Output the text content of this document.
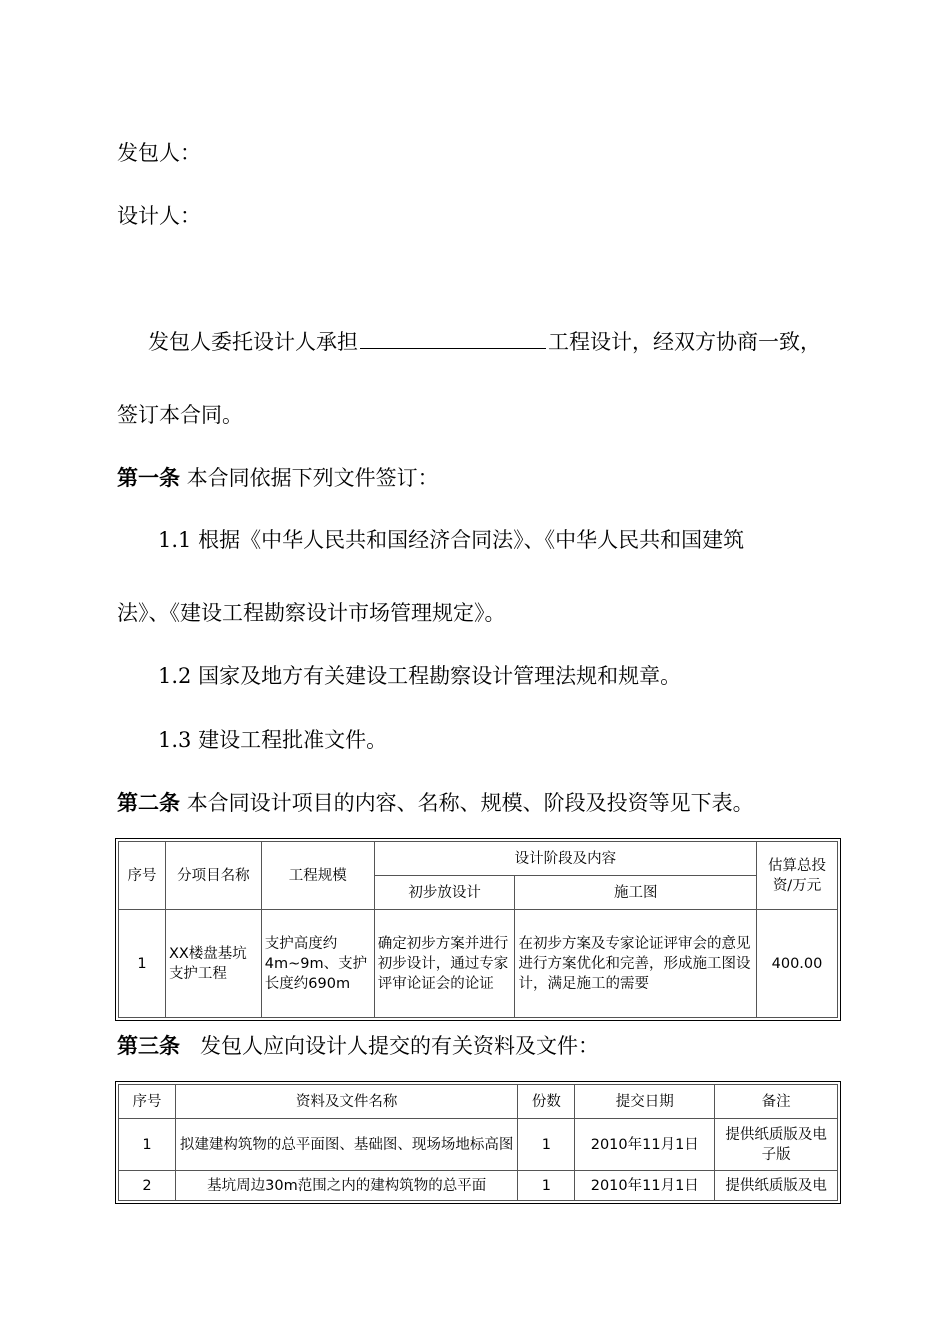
发包人：
设计人：
发包人委托设计人承担	工程设计，经双方协商一致，
签订本合同。
第一条 本合同依据下列文件签订：
1.1 根据《中华人民共和国经济合同法》、《中华人民共和国建筑
法》、《建设工程勘察设计市场管理规定》。
1.2 国家及地方有关建设工程勘察设计管理法规和规章。
1.3 建设工程批准文件。
第二条 本合同设计项目的内容、名称、规模、阶段及投资等见下表。
序号	分项目名称	工程规模	设计阶段及内容		估算总投资/万元
			初步放设计	施工图	
1	XX楼盘基坑支护工程	支护高度约4m~9m、支护长度约690m	确定初步方案并进行初步设计，通过专家评审论证会的论证	在初步方案及专家论证评审会的意见进行方案优化和完善，形成施工图设计，满足施工的需要	400.00
第三条 发包人应向设计人提交的有关资料及文件：
序号	资料及文件名称	份数	提交日期	备注
1	拟建建构筑物的总平面图、基础图、现场场地标高图	1	2010年11月1日	提供纸质版及电子版
2	基坑周边30m范围之内的建构筑物的总平面	1	2010年11月1日	提供纸质版及电
